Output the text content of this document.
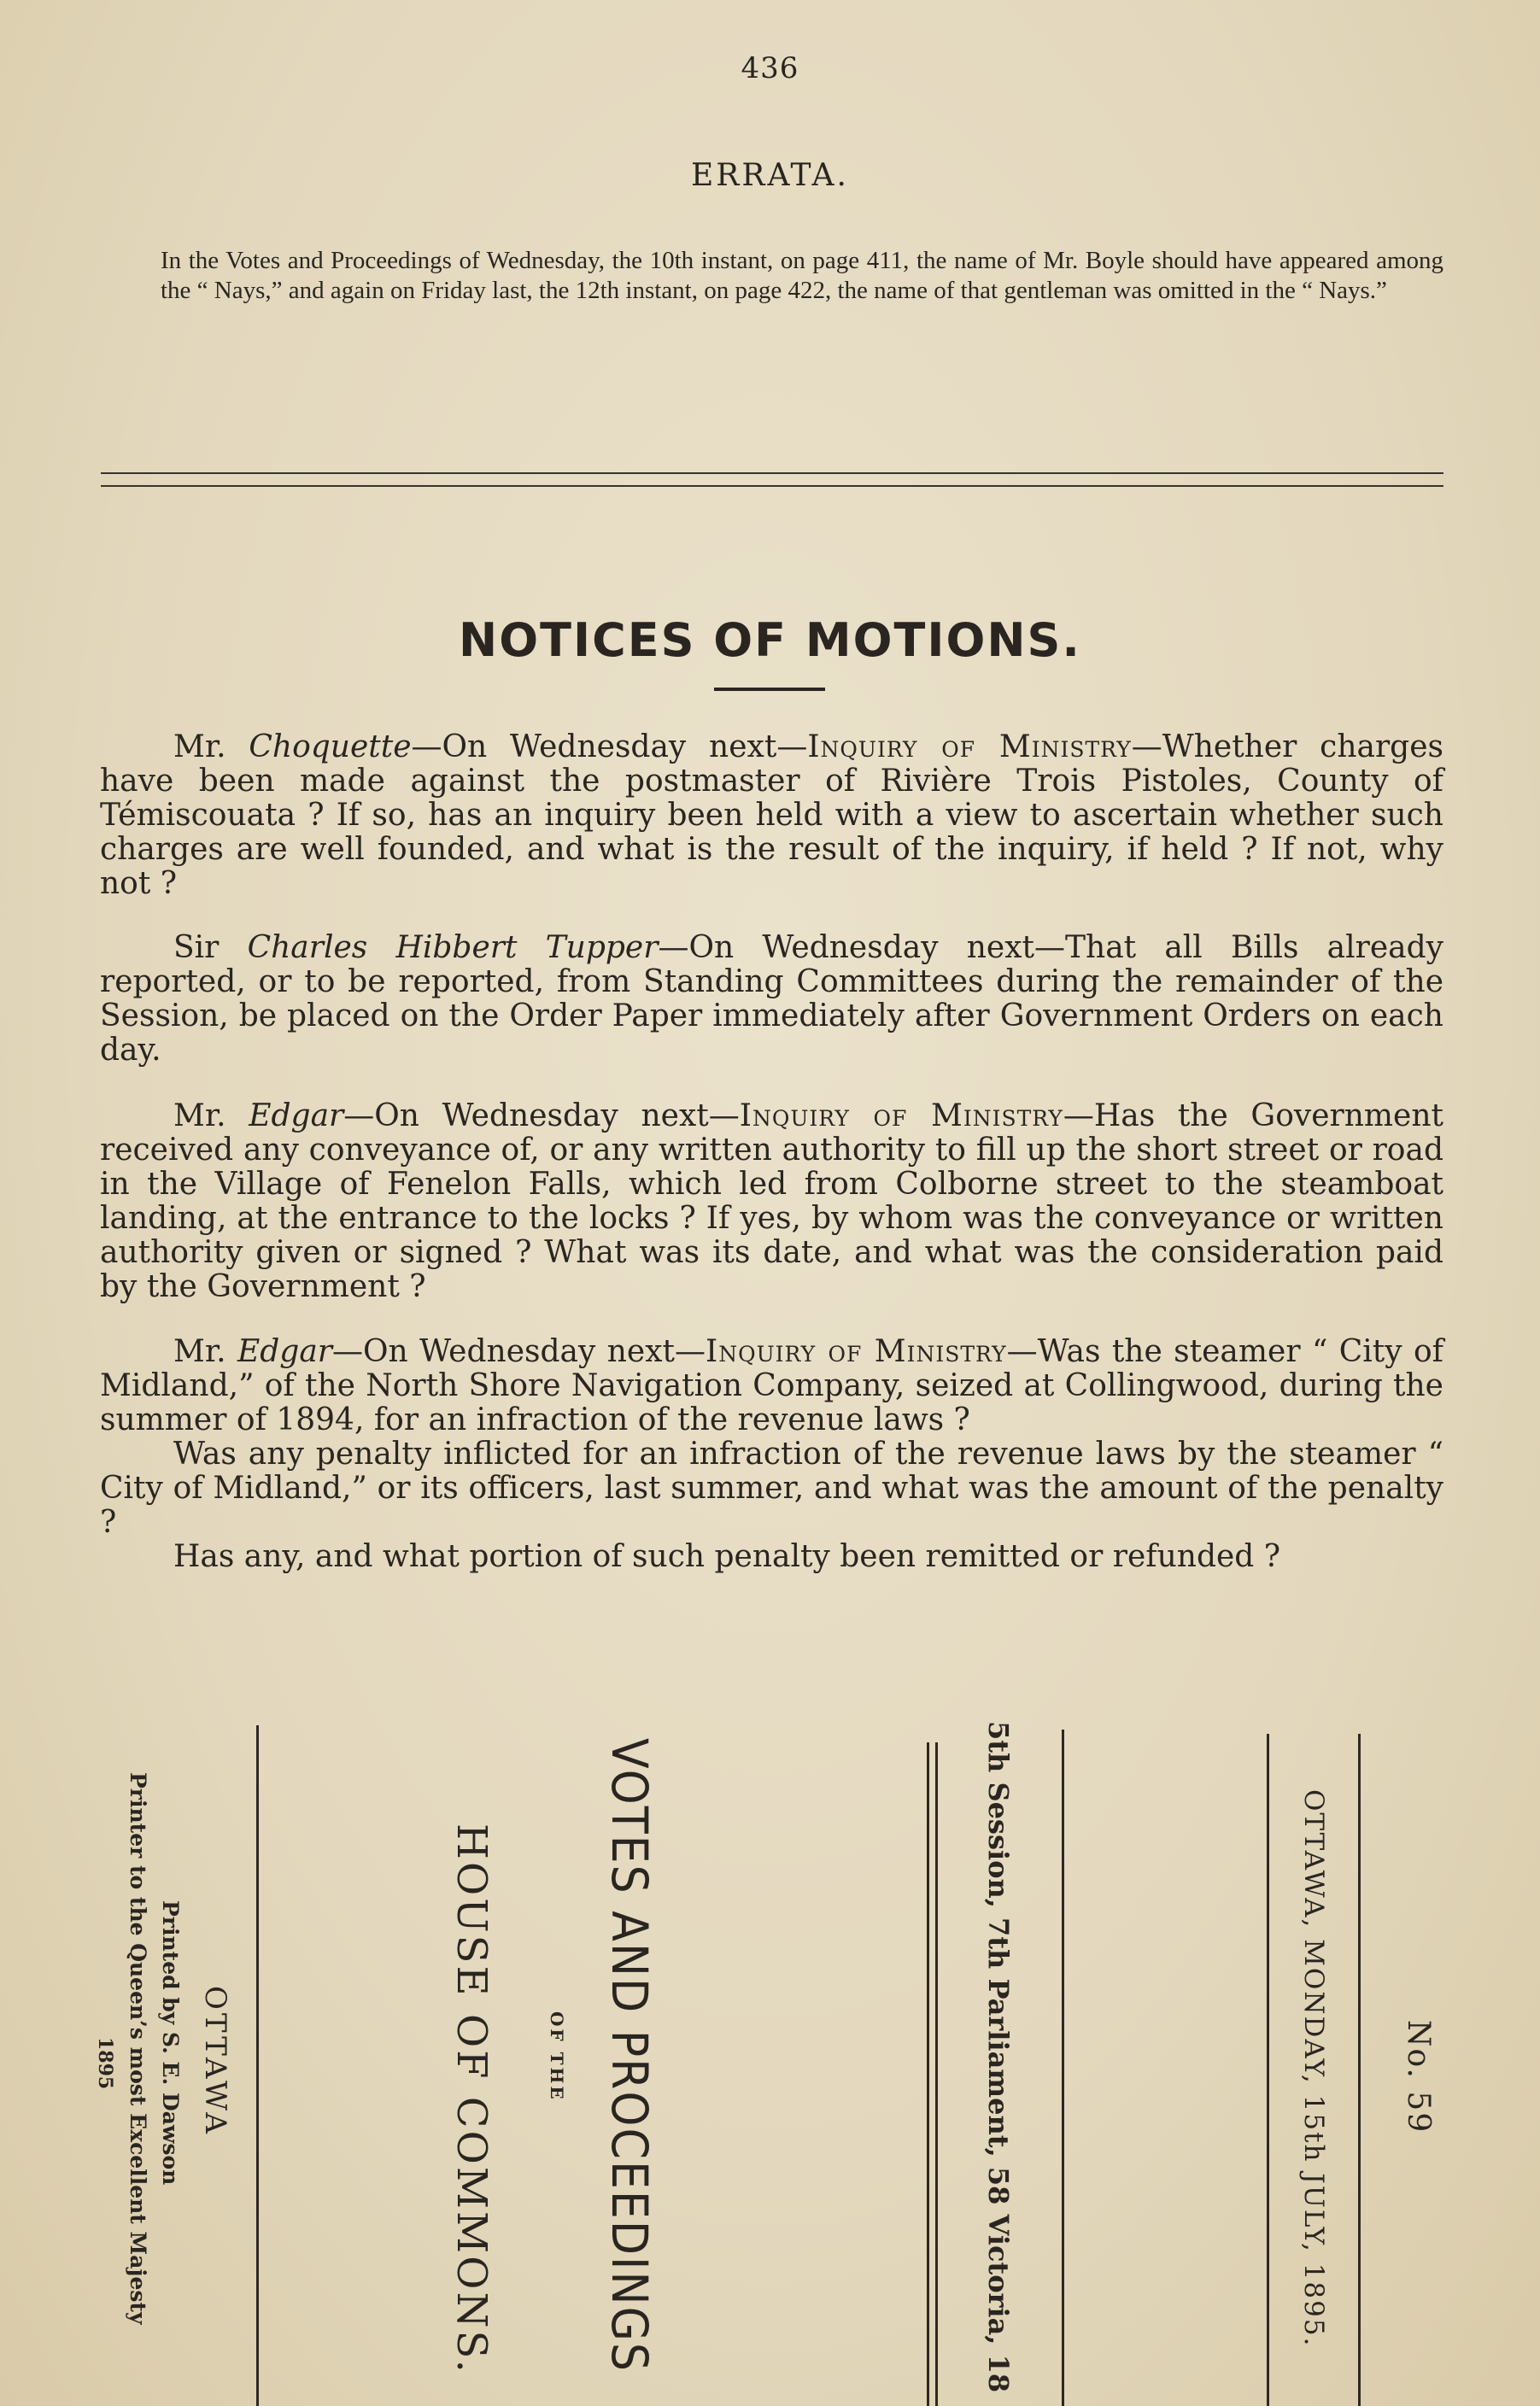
436
ERRATA.
In the Votes and Proceedings of Wednesday, the 10th instant, on page 411, the name of Mr. Boyle should have appeared among the “ Nays,” and again on Friday last, the 12th instant, on page 422, the name of that gentleman was omitted in the “ Nays.”
NOTICES OF MOTIONS.

Mr. Choquette—On Wednesday next—Inquiry of Ministry—Whether charges have been made against the postmaster of Rivière Trois Pistoles, County of Témiscouata ? If so, has an inquiry been held with a view to ascertain whether such charges are well founded, and what is the result of the inquiry, if held ? If not, why not ?

Sir Charles Hibbert Tupper—On Wednesday next—That all Bills already reported, or to be reported, from Standing Committees during the remainder of the Session, be placed on the Order Paper immediately after Government Orders on each day.

Mr. Edgar—On Wednesday next—Inquiry of Ministry—Has the Government received any conveyance of, or any written authority to fill up the short street or road in the Village of Fenelon Falls, which led from Colborne street to the steamboat landing, at the entrance to the locks ? If yes, by whom was the conveyance or written authority given or signed ? What was its date, and what was the consideration paid by the Government ?

Mr. Edgar—On Wednesday next—Inquiry of Ministry—Was the steamer “ City of Midland,” of the North Shore Navigation Company, seized at Collingwood, during the summer of 1894, for an infraction of the revenue laws ?

Was any penalty inflicted for an infraction of the revenue laws by the steamer “ City of Midland,” or its officers, last summer, and what was the amount of the penalty ?

Has any, and what portion of such penalty been remitted or refunded ?

OTTAWA
Printed by S. E. Dawson
Printer to the Queen’s most Excellent Majesty
1895	HOUSE OF COMMONS.	OF THE VOTES AND PROCEEDINGS	5th Session, 7th Parliament, 58 Victoria, 18	OTTAWA, MONDAY, 15th JULY, 1895. No. 59
